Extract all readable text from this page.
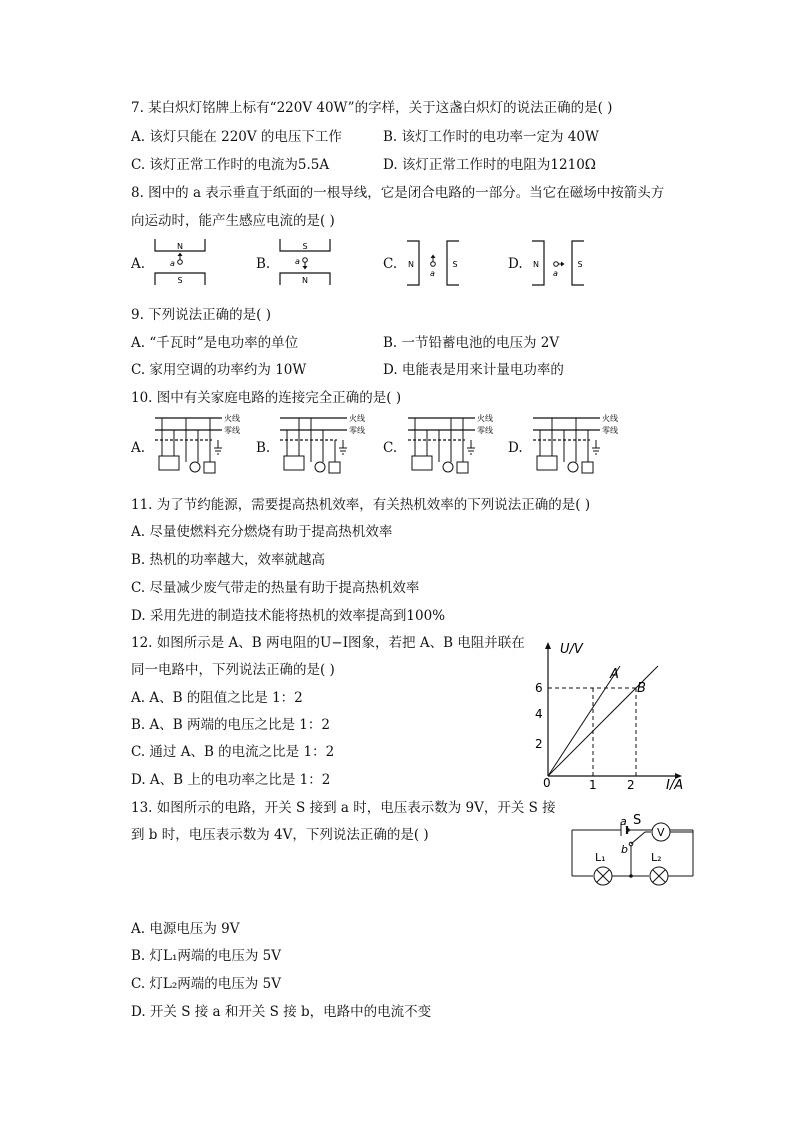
7. 某白炽灯铭牌上标有“220V 40W”的字样，关于这盏白炽灯的说法正确的是( )
A. 该灯只能在 220V 的电压下工作	B. 该灯工作时的电功率一定为 40W
C. 该灯正常工作时的电流为5.5A	D. 该灯正常工作时的电阻为1210Ω
8. 图中的 a 表示垂直于纸面的一根导线，它是闭合电路的一部分。当它在磁场中按箭头方
向运动时，能产生感应电流的是( )
A.	B.	C.	D.
N
S
a
S
N
a	N	S
a
N	S
a
9. 下列说法正确的是( )
A. “千瓦时”是电功率的单位	B. 一节铅蓄电池的电压为 2V
C. 家用空调的功率约为 10W	D. 电能表是用来计量电功率的
10. 图中有关家庭电路的连接完全正确的是( )
A.	B.	C.	D.
火线
零线
火线
零线
火线
零线
火线
零线
11. 为了节约能源，需要提高热机效率，有关热机效率的下列说法正确的是( )
A. 尽量使燃料充分燃烧有助于提高热机效率
B. 热机的功率越大，效率就越高
C. 尽量减少废气带走的热量有助于提高热机效率
D. 采用先进的制造技术能将热机的效率提高到100%
12. 如图所示是 A、B 两电阻的U−I图象，若把 A、B 电阻并联在
同一电路中，下列说法正确的是( )
A. A、B 的阻值之比是 1：2
B. A、B 两端的电压之比是 1：2
C. 通过 A、B 的电流之比是 1：2
D. A、B 上的电功率之比是 1：2
U/V
I/A
0
6
4
2
1	2
A
B
13. 如图所示的电路，开关 S 接到 a 时，电压表示数为 9V，开关 S 接
到 b 时，电压表示数为 4V，下列说法正确的是( )
L₁	L₂
a S
b
V
A. 电源电压为 9V
B. 灯L₁两端的电压为 5V
C. 灯L₂两端的电压为 5V
D. 开关 S 接 a 和开关 S 接 b，电路中的电流不变
